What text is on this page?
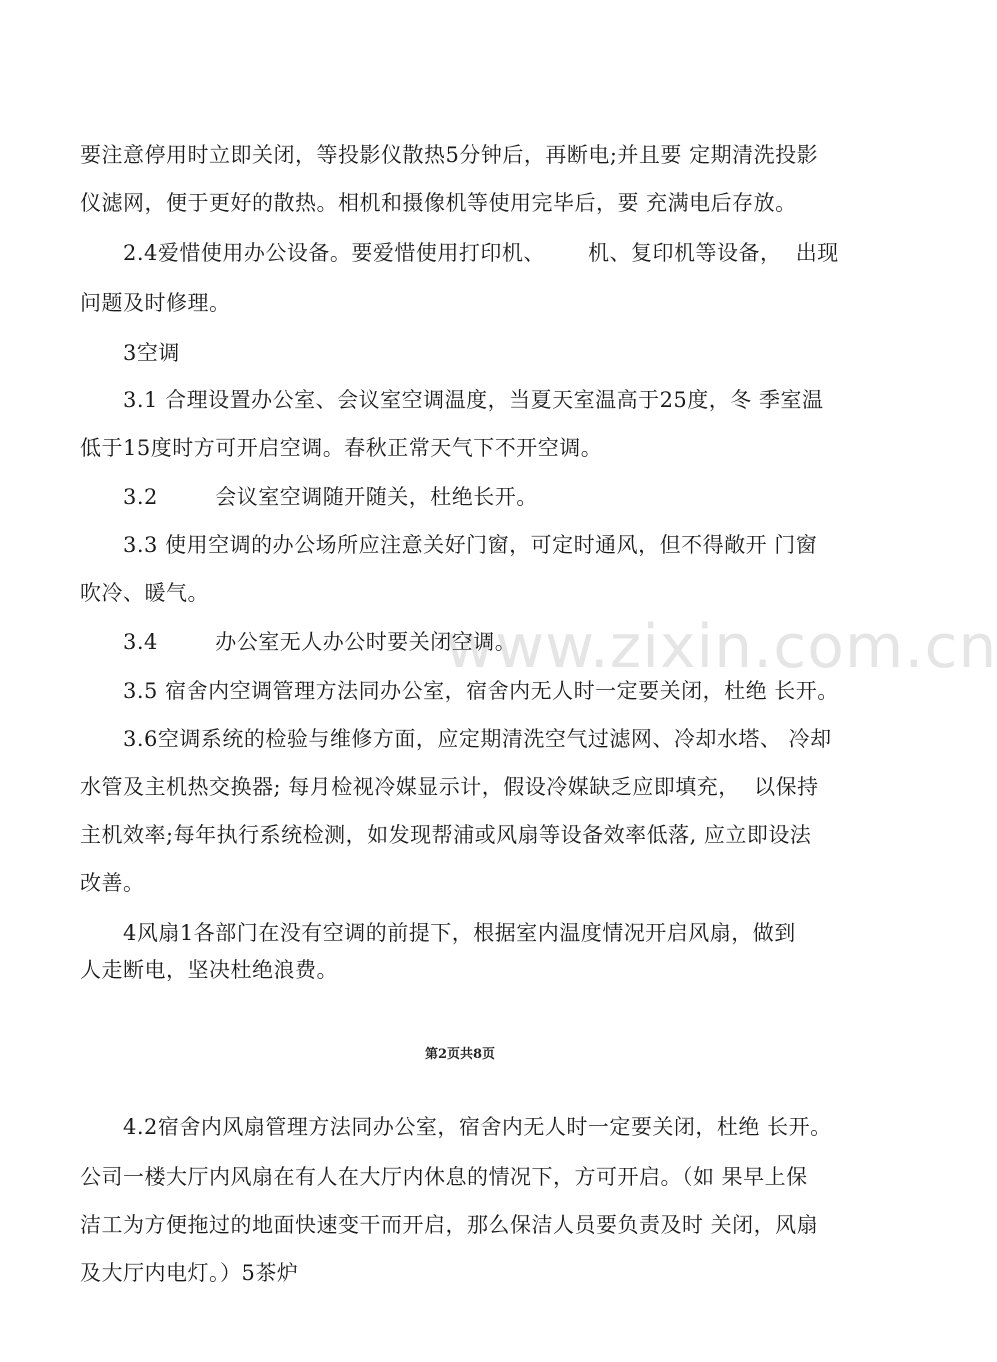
www.zixin.com.cn
要注意停用时立即关闭，等投影仪散热5分钟后，再断电;并且要 定期清洗投影
仪滤网，便于更好的散热。相机和摄像机等使用完毕后，要 充满电后存放。
2.4爱惜使用办公设备。要爱惜使用打印机、      机、复印机等设备，  出现
问题及时修理。
3空调
3.1 合理设置办公室、会议室空调温度，当夏天室温高于25度，冬 季室温
低于15度时方可开启空调。春秋正常天气下不开空调。
3.2        会议室空调随开随关，杜绝长开。
3.3 使用空调的办公场所应注意关好门窗，可定时通风，但不得敞开 门窗
吹冷、暖气。
3.4        办公室无人办公时要关闭空调。
3.5 宿舍内空调管理方法同办公室，宿舍内无人时一定要关闭，杜绝 长开。
3.6空调系统的检验与维修方面，应定期清洗空气过滤网、冷却水塔、 冷却
水管及主机热交换器; 每月检视冷媒显示计，假设冷媒缺乏应即填充，  以保持
主机效率;每年执行系统检测，如发现帮浦或风扇等设备效率低落, 应立即设法
改善。
4风扇1各部门在没有空调的前提下，根据室内温度情况开启风扇，做到
人走断电，坚决杜绝浪费。
第2页共8页
4.2宿舍内风扇管理方法同办公室，宿舍内无人时一定要关闭，杜绝 长开。
公司一楼大厅内风扇在有人在大厅内休息的情况下，方可开启。（如 果早上保
洁工为方便拖过的地面快速变干而开启，那么保洁人员要负责及时 关闭，风扇
及大厅内电灯。）5茶炉
